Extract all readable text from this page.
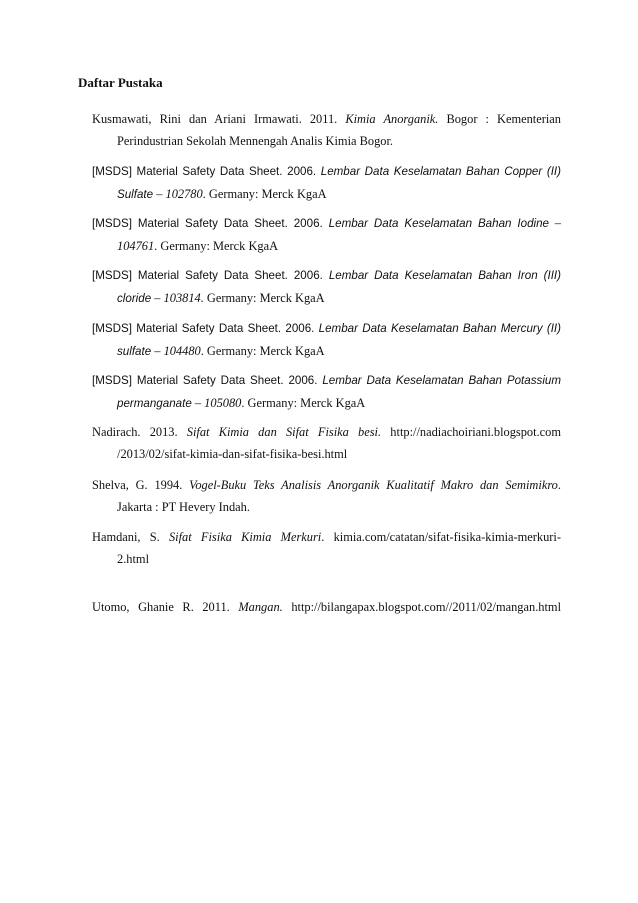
Daftar Pustaka

Kusmawati, Rini dan Ariani Irmawati. 2011. Kimia Anorganik. Bogor : Kementerian
Perindustrian Sekolah Mennengah Analis Kimia Bogor.

[MSDS] Material Safety Data Sheet. 2006. Lembar Data Keselamatan Bahan Copper (II)
Sulfate – 102780. Germany: Merck KgaA

[MSDS] Material Safety Data Sheet. 2006. Lembar Data Keselamatan Bahan Iodine –
104761. Germany: Merck KgaA

[MSDS] Material Safety Data Sheet. 2006. Lembar Data Keselamatan Bahan Iron (III)
cloride – 103814. Germany: Merck KgaA

[MSDS] Material Safety Data Sheet. 2006. Lembar Data Keselamatan Bahan Mercury (II)
sulfate – 104480. Germany: Merck KgaA

[MSDS] Material Safety Data Sheet. 2006. Lembar Data Keselamatan Bahan Potassium
permanganate – 105080. Germany: Merck KgaA

Nadirach. 2013. Sifat Kimia dan Sifat Fisika besi. http://nadiachoiriani.blogspot.com
/2013/02/sifat-kimia-dan-sifat-fisika-besi.html

Shelva, G. 1994. Vogel-Buku Teks Analisis Anorganik Kualitatif Makro dan Semimikro.
Jakarta : PT Hevery Indah.

Hamdani, S. Sifat Fisika Kimia Merkuri. kimia.com/catatan/sifat-fisika-kimia-merkuri-
2.html

Utomo, Ghanie R. 2011. Mangan. http://bilangapax.blogspot.com//2011/02/mangan.html
